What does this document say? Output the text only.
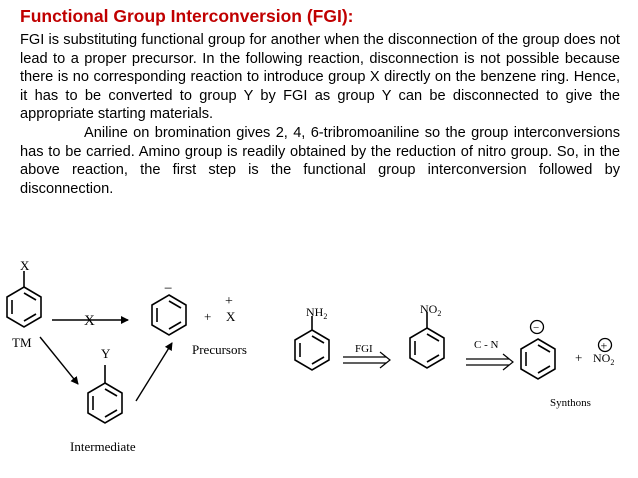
Functional Group Interconversion (FGI):

FGI is substituting functional group for another when the disconnection of the group does not lead to a proper precursor. In the following reaction, disconnection is not possible because there is no corresponding reaction to introduce group X directly on the benzene ring. Hence, it has to be converted to group Y by FGI as group Y can be disconnected to give the appropriate starting materials.

Aniline on bromination gives 2, 4, 6-tribromoaniline so the group interconversions has to be carried. Amino group is readily obtained by the reduction of nitro group. So, in the above reaction, the first step is the functional group interconversion followed by disconnection.

X
TM
X
−
+
+
X
Precursors
Y
Intermediate
$NH_2$
FGI
$NO_2$
C - N
−
+
+
$NO_2$
Synthons
